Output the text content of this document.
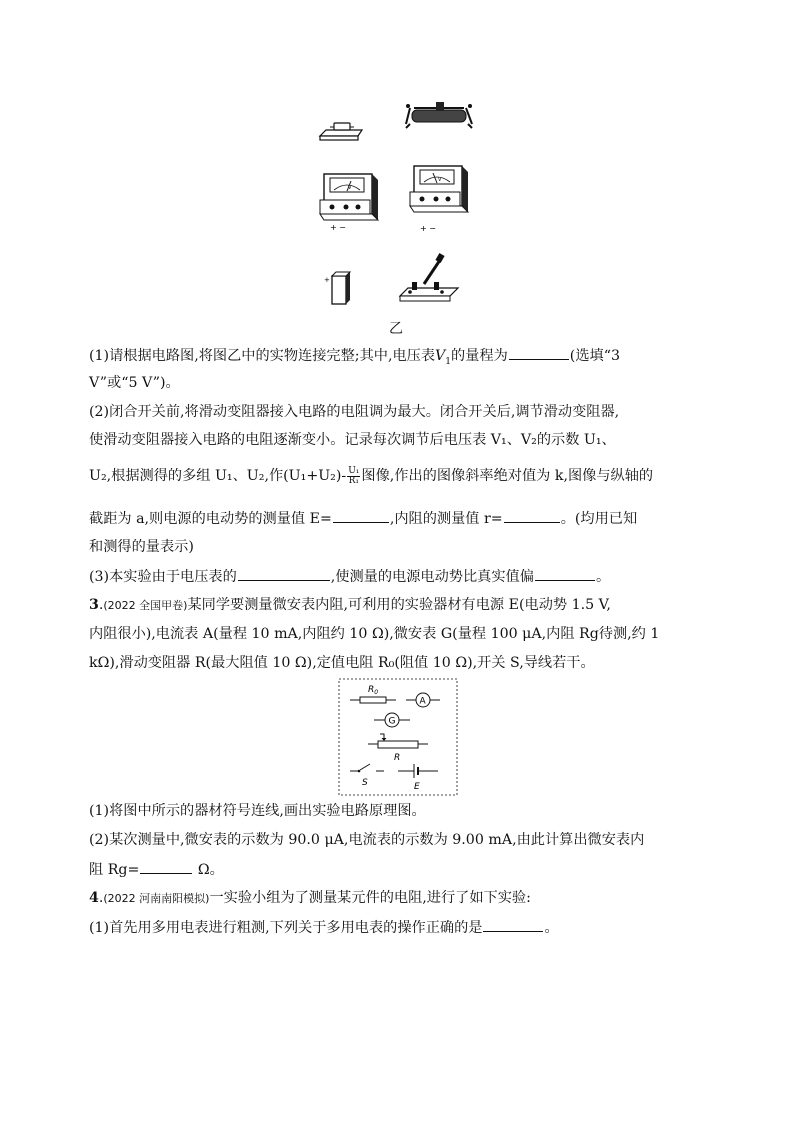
V
+ −
V
+ −
+
乙
(1)请根据电路图,将图乙中的实物连接完整;其中,电压表$V_1$的量程为	(选填“3
V”或“5 V”)。
(2)闭合开关前,将滑动变阻器接入电路的电阻调为最大。闭合开关后,调节滑动变阻器,
使滑动变阻器接入电路的电阻逐渐变小。记录每次调节后电压表 V₁、V₂的示数 U₁、
U₂,根据测得的多组 U₁、U₂,作$(U_1+U_2)- \frac{\text{U₁}}{\text{R₁}}$ 图像,作出的图像斜率绝对值为 k,图像与纵轴的
截距为 a,则电源的电动势的测量值 E=	,内阻的测量值 r=	。(均用已知
和测得的量表示)
(3)本实验由于电压表的	,使测量的电源电动势比真实值偏	。
3.(2022 全国甲卷)某同学要测量微安表内阻,可利用的实验器材有电源 E(电动势 1.5 V,
内阻很小),电流表 A(量程 10 mA,内阻约 10 Ω),微安表 G(量程 100 μA,内阻 Rg待测,约 1
kΩ),滑动变阻器 R(最大阻值 10 Ω),定值电阻 R₀(阻值 10 Ω),开关 S,导线若干。
$R_0$
A
G
R
S	E
(1)将图中所示的器材符号连线,画出实验电路原理图。
(2)某次测量中,微安表的示数为 90.0 μA,电流表的示数为 9.00 mA,由此计算出微安表内
阻 Rg=	Ω。
4.(2022 河南南阳模拟)一实验小组为了测量某元件的电阻,进行了如下实验:
(1)首先用多用电表进行粗测,下列关于多用电表的操作正确的是	。
